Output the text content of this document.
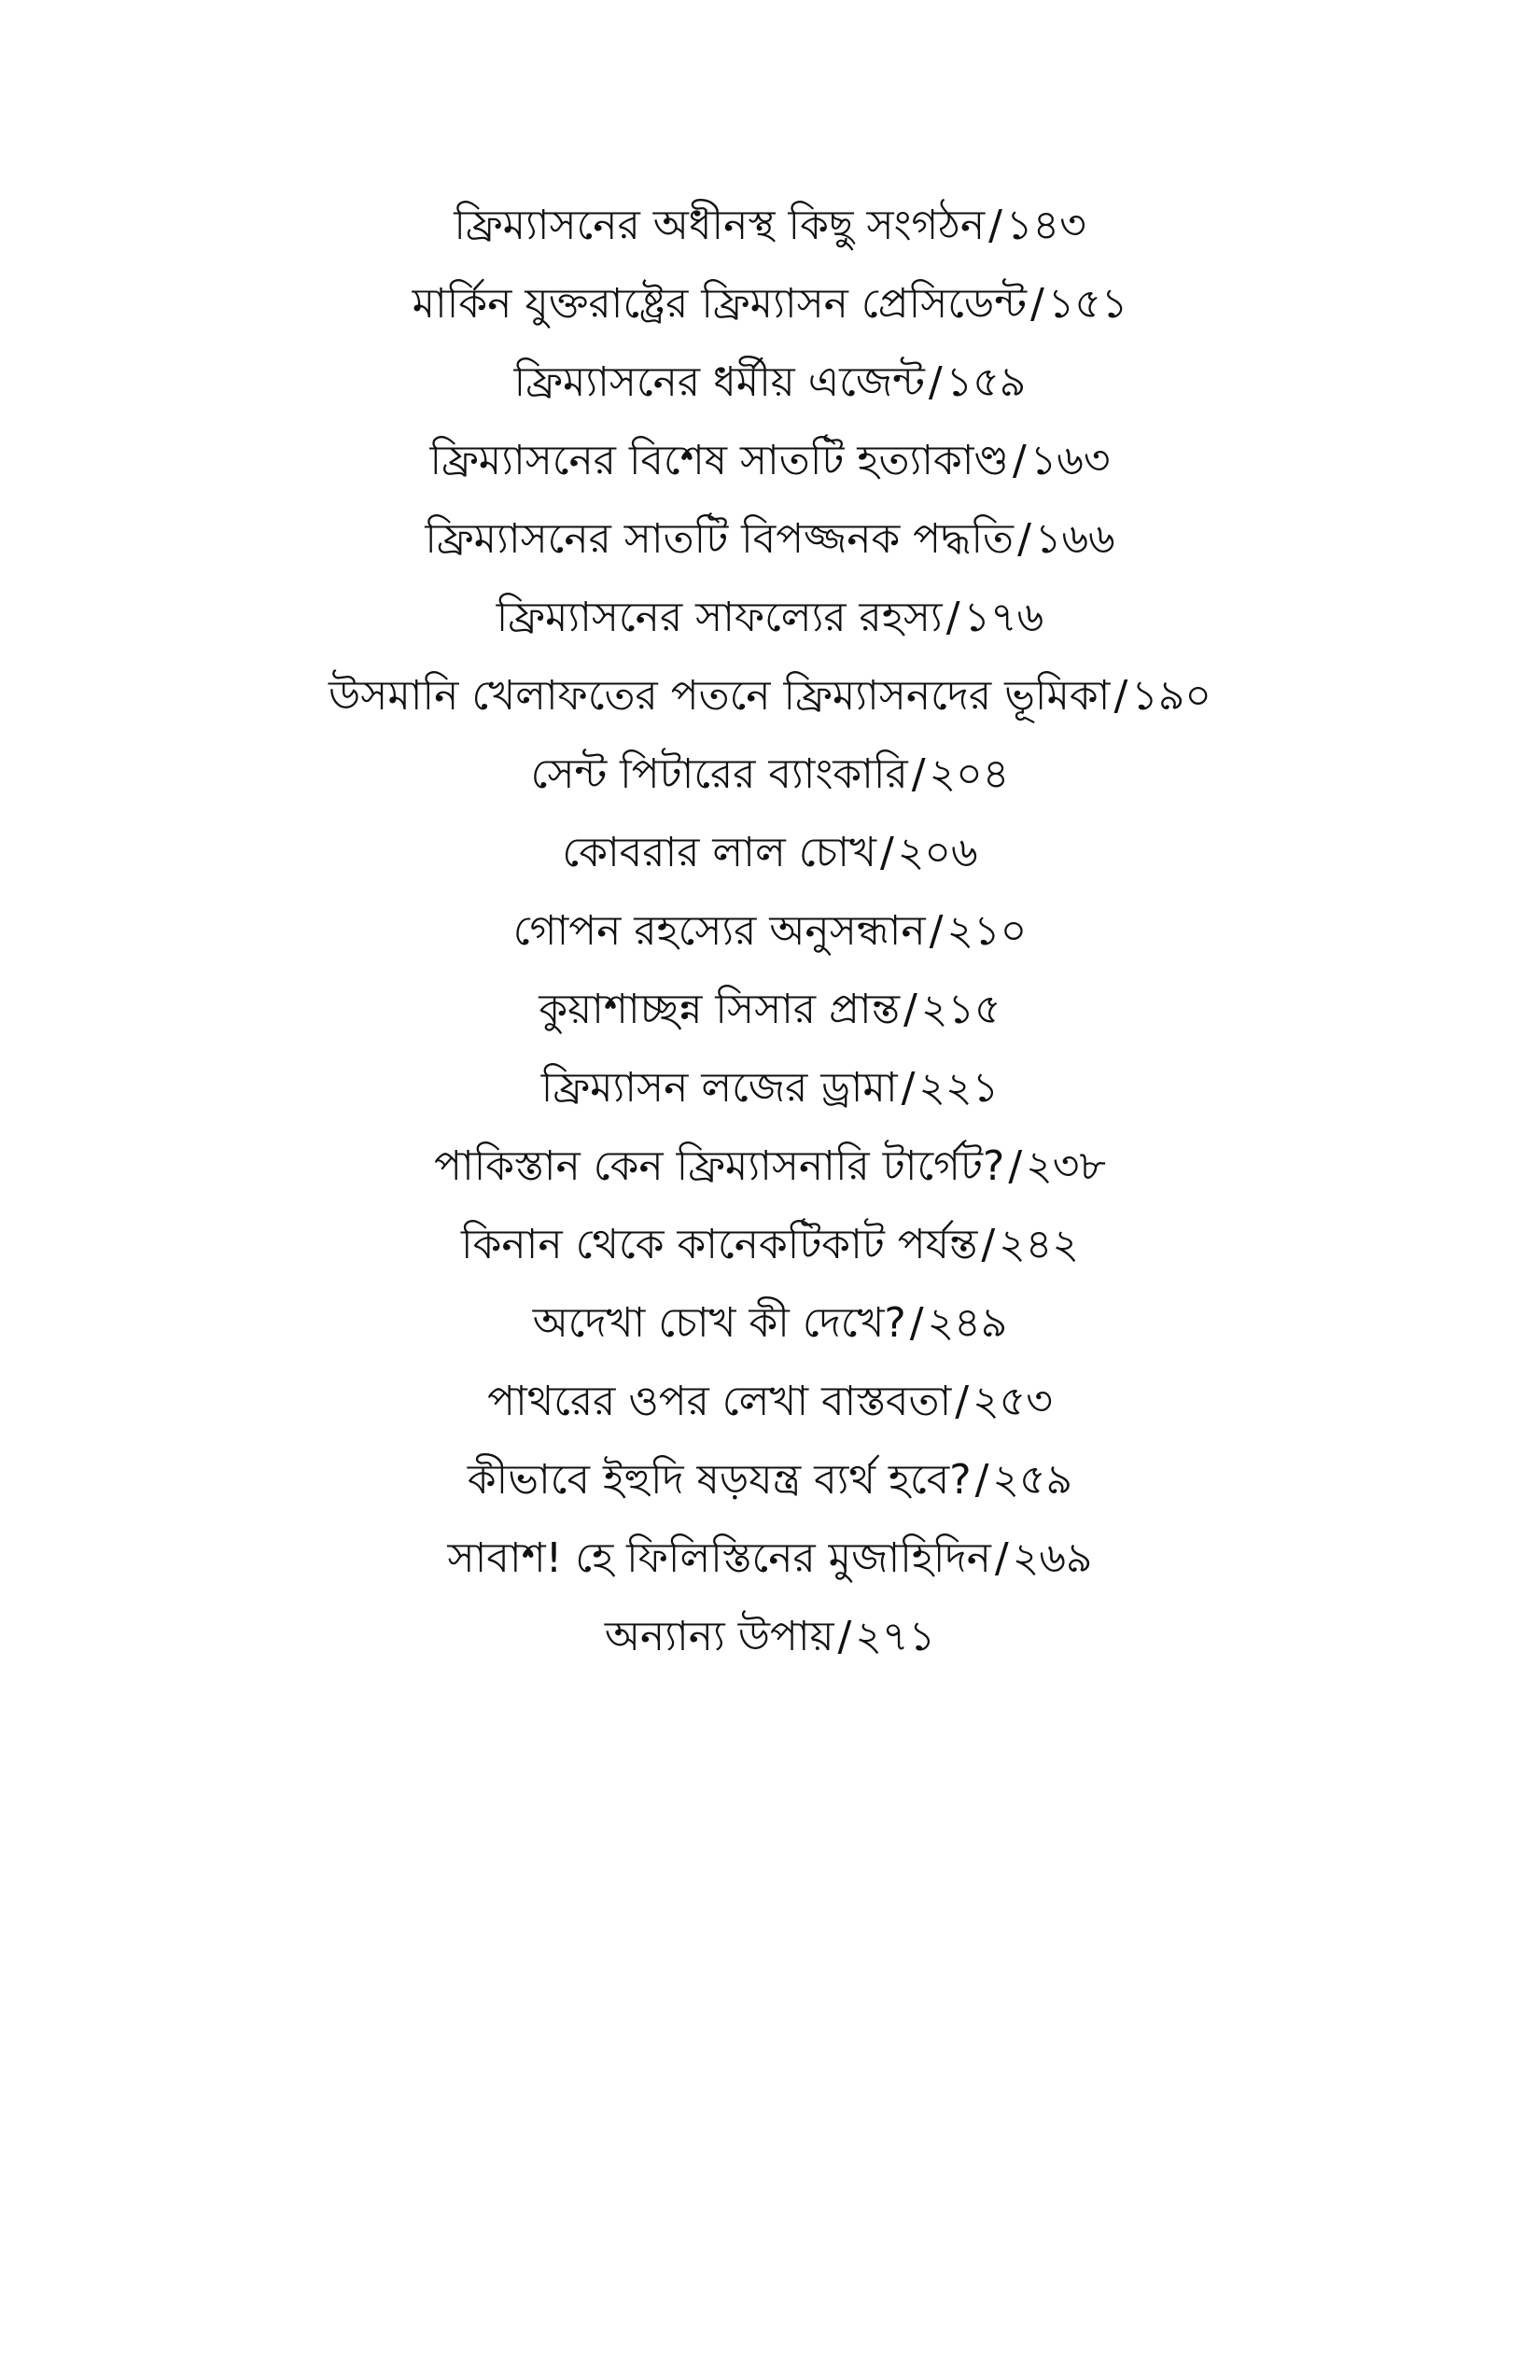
ফ্রিম্যাসনের অধীনস্থ কিছু সংগঠন/১৪৩
মার্কিন যুক্তরাষ্ট্রের ফ্রিম্যাসন প্রেসিডেন্ট/১৫১
ফ্রিম্যাসনের ধর্মীয় এজেন্ট/১৫৯
ফ্রিম্যাসনের বিশেষ সাতটি হত্যাকাণ্ড/১৬৩
ফ্রিম্যাসনের সাতটি বিপজ্জনক পদ্ধতি/১৬৬
ফ্রিম্যাসনের সাফল্যের রহস্য/১৭৬
উসমানি খেলাফতের পতনে ফ্রিম্যাসনদের ভূমিকা/১৯০
সেন্ট পিটারের ব্যাংকারি/২০৪
কোবরার লাল চোখ/২০৬
গোপন রহস্যের অনুসন্ধান/২১০
কুয়াশাচ্ছন্ন সিসার প্রান্ত/২১৫
ফ্রিম্যাসন লজের ড্রামা/২২১
পাকিস্তান কেন ফ্রিম্যাসনারি টার্গেট?/২৩৮
কিনান থেকে কানেকটিকাট পর্যন্ত/২৪২
অদেখা চোখ কী দেখে?/২৪৯
পাথরের ওপর লেখা বাস্তবতা/২৫৩
কীভাবে ইহুদি ষড়যন্ত্র ব্যর্থ হবে?/২৫৯
সাবাশ! হে ফিলিস্তিনের মুজাহিদিন/২৬৯
অন্যান্য উপায়/২৭১
